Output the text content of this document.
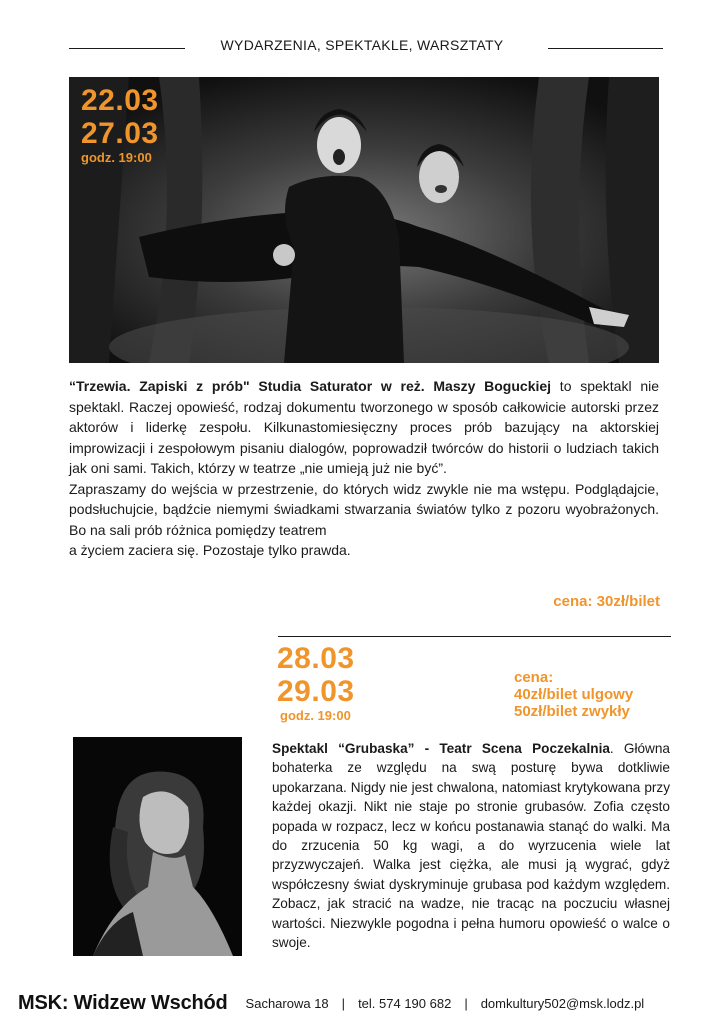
WYDARZENIA, SPEKTAKLE, WARSZTATY
22.03
27.03
godz. 19:00
“Trzewia. Zapiski z prób" Studia Saturator w reż. Maszy Boguckiej to spektakl nie spektakl. Raczej opowieść, rodzaj dokumentu tworzonego w sposób całkowicie autorski przez aktorów i liderkę zespołu. Kilkunastomiesięczny proces prób bazujący na aktorskiej improwizacji i zespołowym pisaniu dialogów, poprowadził twórców do historii o ludziach takich jak oni sami. Takich, którzy w teatrze „nie umieją już nie być”.
Zapraszamy do wejścia w przestrzenie, do których widz zwykle nie ma wstępu. Podglądajcie, podsłuchujcie, bądźcie niemymi świadkami stwarzania światów tylko z pozoru wyobrażonych. Bo na sali prób różnica pomiędzy teatrem
a życiem zaciera się. Pozostaje tylko prawda.
cena: 30zł/bilet
28.03
29.03
godz. 19:00
cena:
40zł/bilet ulgowy
50zł/bilet zwykły
Spektakl “Grubaska” - Teatr Scena Poczekalnia. Główna bohaterka ze względu na swą posturę bywa dotkliwie upokarzana. Nigdy nie jest chwalona, natomiast krytykowana przy każdej okazji. Nikt nie staje po stronie grubasów. Zofia często popada w rozpacz, lecz w końcu postanawia stanąć do walki. Ma do zrzucenia 50 kg wagi, a do wyrzucenia wiele lat przyzwyczajeń. Walka jest ciężka, ale musi ją wygrać, gdyż współczesny świat dyskryminuje grubasa pod każdym względem. Zobacz, jak stracić na wadze, nie tracąc na poczuciu własnej wartości. Niezwykle pogodna i pełna humoru opowieść o walce o swoje.
MSK: Widzew Wschód Sacharowa 18 | tel. 574 190 682 | domkultury502@msk.lodz.pl
